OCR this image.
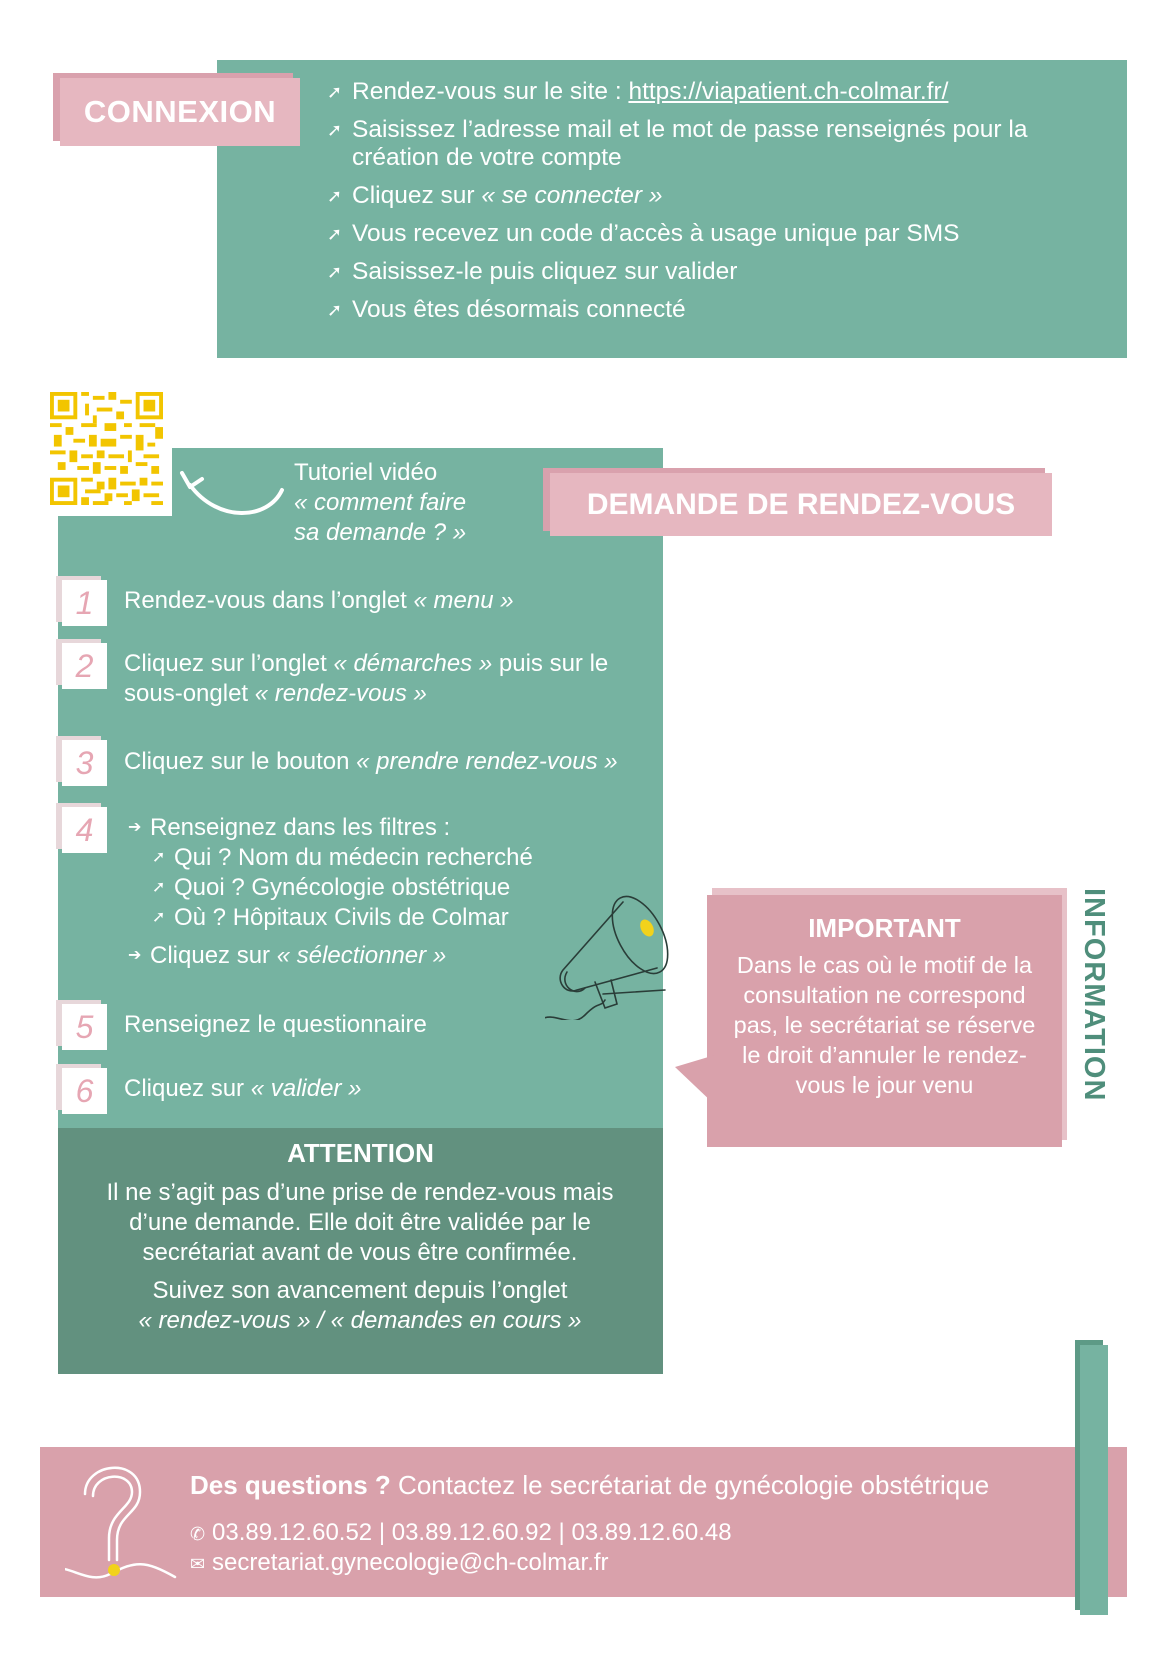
CONNEXION
➚ Rendez-vous sur le site : https://viapatient.ch-colmar.fr/
➚ Saisissez l’adresse mail et le mot de passe renseignés pour la création de votre compte
➚ Cliquez sur « se connecter »
➚ Vous recevez un code d’accès à usage unique par SMS
➚ Saisissez-le puis cliquez sur valider
➚ Vous êtes désormais connecté
Tutoriel vidéo
« comment faire
sa demande ? »
DEMANDE DE RENDEZ-VOUS
1	Rendez-vous dans l’onglet « menu »
2	Cliquez sur l’onglet « démarches » puis sur le sous-onglet « rendez-vous »
3	Cliquez sur le bouton « prendre rendez-vous »
4	➔ Renseignez dans les filtres :
➚ Qui ? Nom du médecin recherché
➚ Quoi ? Gynécologie obstétrique
➚ Où ? Hôpitaux Civils de Colmar
➔ Cliquez sur « sélectionner »
5	Renseignez le questionnaire
6	Cliquez sur « valider »
ATTENTION
Il ne s’agit pas d’une prise de rendez-vous mais d’une demande. Elle doit être validée par le secrétariat avant de vous être confirmée.
Suivez son avancement depuis l’onglet
« rendez-vous » / « demandes en cours »
IMPORTANT
Dans le cas où le motif de la consultation ne correspond pas, le secrétariat se réserve le droit d’annuler le rendez-vous le jour venu	INFORMATION
Des questions ? Contactez le secrétariat de gynécologie obstétrique
✆ 03.89.12.60.52 | 03.89.12.60.92 | 03.89.12.60.48
✉ secretariat.gynecologie@ch-colmar.fr
